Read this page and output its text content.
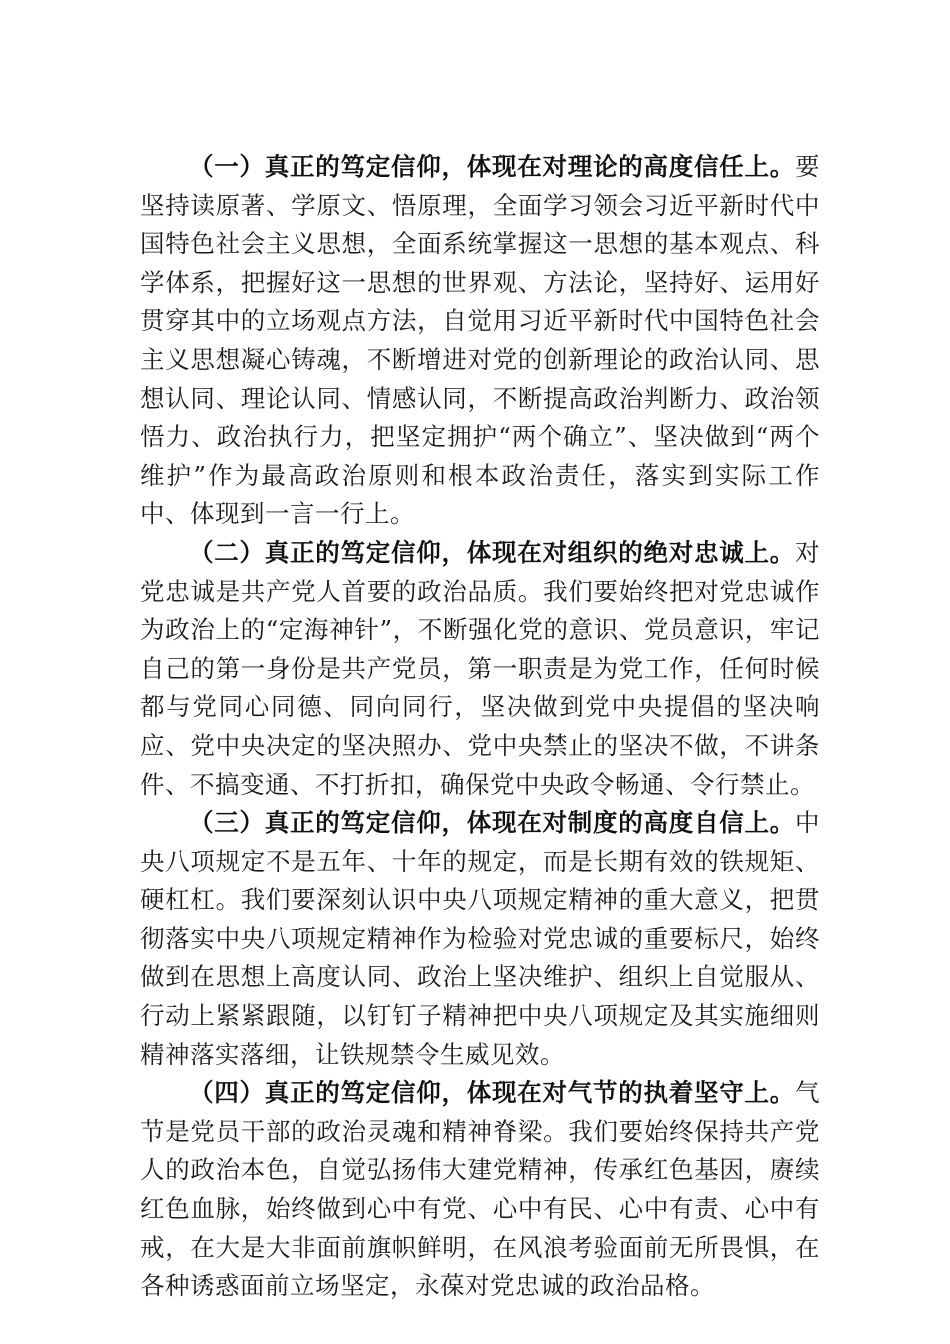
（一）真正的笃定信仰，体现在对理论的高度信任上。要坚持读原著、学原文、悟原理，全面学习领会习近平新时代中国特色社会主义思想，全面系统掌握这一思想的基本观点、科学体系，把握好这一思想的世界观、方法论，坚持好、运用好贯穿其中的立场观点方法，自觉用习近平新时代中国特色社会主义思想凝心铸魂，不断增进对党的创新理论的政治认同、思想认同、理论认同、情感认同，不断提高政治判断力、政治领悟力、政治执行力，把坚定拥护“两个确立”、坚决做到“两个维护”作为最高政治原则和根本政治责任，落实到实际工作中、体现到一言一行上。

（二）真正的笃定信仰，体现在对组织的绝对忠诚上。对党忠诚是共产党人首要的政治品质。我们要始终把对党忠诚作为政治上的“定海神针”，不断强化党的意识、党员意识，牢记自己的第一身份是共产党员，第一职责是为党工作，任何时候都与党同心同德、同向同行，坚决做到党中央提倡的坚决响应、党中央决定的坚决照办、党中央禁止的坚决不做，不讲条件、不搞变通、不打折扣，确保党中央政令畅通、令行禁止。

（三）真正的笃定信仰，体现在对制度的高度自信上。中央八项规定不是五年、十年的规定，而是长期有效的铁规矩、硬杠杠。我们要深刻认识中央八项规定精神的重大意义，把贯彻落实中央八项规定精神作为检验对党忠诚的重要标尺，始终做到在思想上高度认同、政治上坚决维护、组织上自觉服从、行动上紧紧跟随，以钉钉子精神把中央八项规定及其实施细则精神落实落细，让铁规禁令生威见效。

（四）真正的笃定信仰，体现在对气节的执着坚守上。气节是党员干部的政治灵魂和精神脊梁。我们要始终保持共产党人的政治本色，自觉弘扬伟大建党精神，传承红色基因，赓续红色血脉，始终做到心中有党、心中有民、心中有责、心中有戒，在大是大非面前旗帜鲜明，在风浪考验面前无所畏惧，在各种诱惑面前立场坚定，永葆对党忠诚的政治品格。
